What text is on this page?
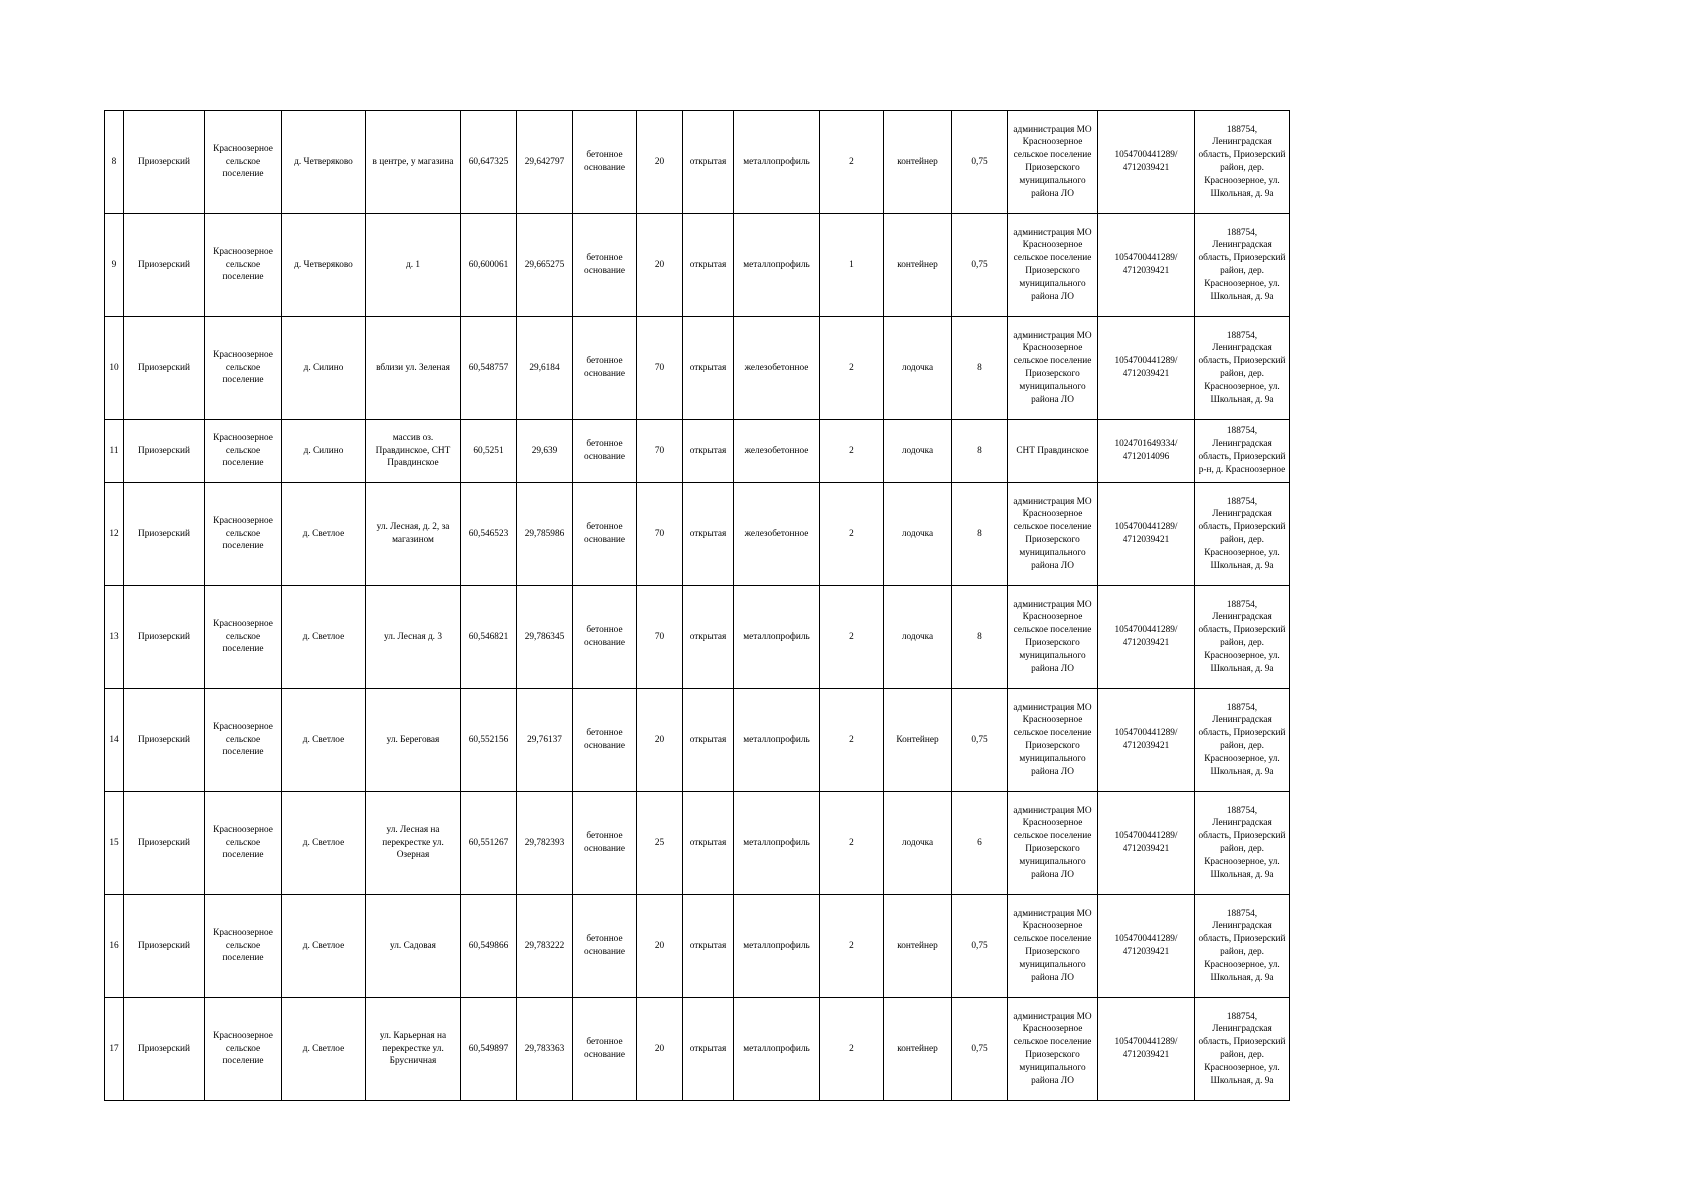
8	Приозерский	Красноозерное сельское поселение	д. Четверяково	в центре, у магазина	60,647325	29,642797	бетонное основание	20	открытая	металлопрофиль	2	контейнер	0,75	администрация МО Красноозерное сельское поселение Приозерского муниципального района ЛО	1054700441289/ 4712039421	188754, Ленинградская область, Приозерский район, дер. Красноозерное, ул. Школьная, д. 9а
9	Приозерский	Красноозерное сельское поселение	д. Четверяково	д. 1	60,600061	29,665275	бетонное основание	20	открытая	металлопрофиль	1	контейнер	0,75	администрация МО Красноозерное сельское поселение Приозерского муниципального района ЛО	1054700441289/ 4712039421	188754, Ленинградская область, Приозерский район, дер. Красноозерное, ул. Школьная, д. 9а
10	Приозерский	Красноозерное сельское поселение	д. Силино	вблизи ул. Зеленая	60,548757	29,6184	бетонное основание	70	открытая	железобетонное	2	лодочка	8	администрация МО Красноозерное сельское поселение Приозерского муниципального района ЛО	1054700441289/ 4712039421	188754, Ленинградская область, Приозерский район, дер. Красноозерное, ул. Школьная, д. 9а
11	Приозерский	Красноозерное сельское поселение	д. Силино	массив оз. Правдинское, СНТ Правдинское	60,5251	29,639	бетонное основание	70	открытая	железобетонное	2	лодочка	8	СНТ Правдинское	1024701649334/ 4712014096	188754, Ленинградская область, Приозерский р-н, д. Красноозерное
12	Приозерский	Красноозерное сельское поселение	д. Светлое	ул. Лесная, д. 2, за магазином	60,546523	29,785986	бетонное основание	70	открытая	железобетонное	2	лодочка	8	администрация МО Красноозерное сельское поселение Приозерского муниципального района ЛО	1054700441289/ 4712039421	188754, Ленинградская область, Приозерский район, дер. Красноозерное, ул. Школьная, д. 9а
13	Приозерский	Красноозерное сельское поселение	д. Светлое	ул. Лесная д. 3	60,546821	29,786345	бетонное основание	70	открытая	металлопрофиль	2	лодочка	8	администрация МО Красноозерное сельское поселение Приозерского муниципального района ЛО	1054700441289/ 4712039421	188754, Ленинградская область, Приозерский район, дер. Красноозерное, ул. Школьная, д. 9а
14	Приозерский	Красноозерное сельское поселение	д. Светлое	ул. Береговая	60,552156	29,76137	бетонное основание	20	открытая	металлопрофиль	2	Контейнер	0,75	администрация МО Красноозерное сельское поселение Приозерского муниципального района ЛО	1054700441289/ 4712039421	188754, Ленинградская область, Приозерский район, дер. Красноозерное, ул. Школьная, д. 9а
15	Приозерский	Красноозерное сельское поселение	д. Светлое	ул. Лесная на перекрестке ул. Озерная	60,551267	29,782393	бетонное основание	25	открытая	металлопрофиль	2	лодочка	6	администрация МО Красноозерное сельское поселение Приозерского муниципального района ЛО	1054700441289/ 4712039421	188754, Ленинградская область, Приозерский район, дер. Красноозерное, ул. Школьная, д. 9а
16	Приозерский	Красноозерное сельское поселение	д. Светлое	ул. Садовая	60,549866	29,783222	бетонное основание	20	открытая	металлопрофиль	2	контейнер	0,75	администрация МО Красноозерное сельское поселение Приозерского муниципального района ЛО	1054700441289/ 4712039421	188754, Ленинградская область, Приозерский район, дер. Красноозерное, ул. Школьная, д. 9а
17	Приозерский	Красноозерное сельское поселение	д. Светлое	ул. Карьерная на перекрестке ул. Брусничная	60,549897	29,783363	бетонное основание	20	открытая	металлопрофиль	2	контейнер	0,75	администрация МО Красноозерное сельское поселение Приозерского муниципального района ЛО	1054700441289/ 4712039421	188754, Ленинградская область, Приозерский район, дер. Красноозерное, ул. Школьная, д. 9а
